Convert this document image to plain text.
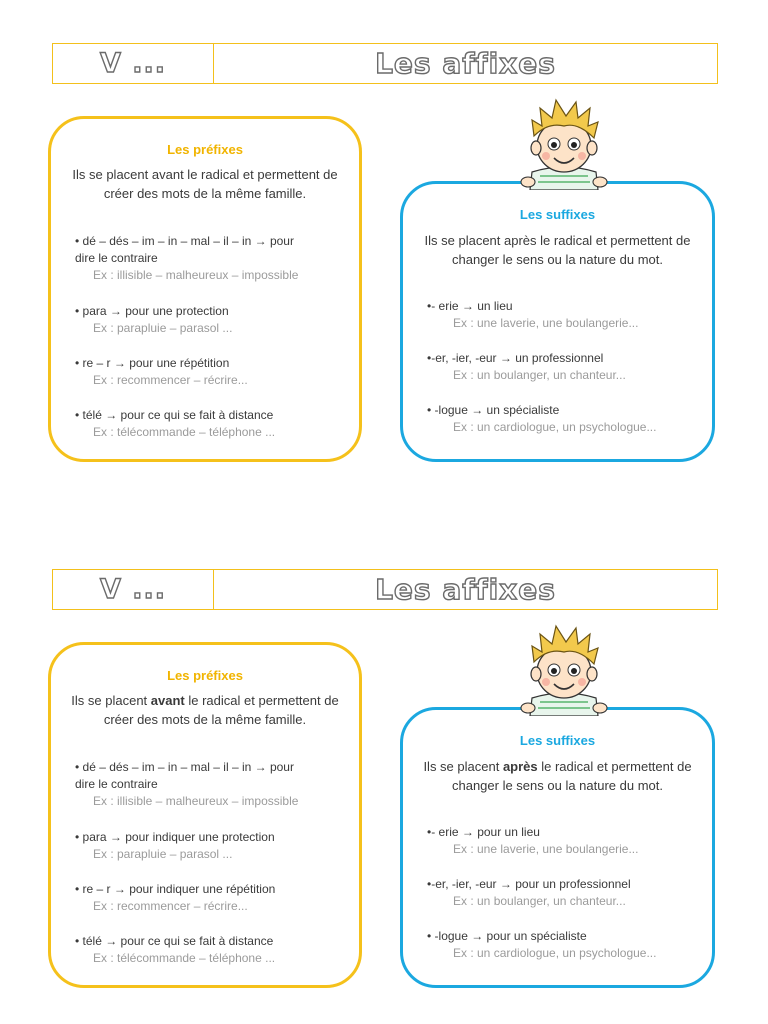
V ...	Les affixes
Les préfixes

Ils se placent avant le radical et permettent de créer des mots de la même famille.

• dé – dés – im – in – mal – il – in → pour
dire le contraire
Ex : illisible – malheureux – impossible
• para → pour une protection
Ex : parapluie – parasol ...
• re – r → pour une répétition
Ex : recommencer – récrire...
• télé → pour ce qui se fait à distance
Ex : télécommande – téléphone ...
Les suffixes

Ils se placent après le radical et permettent de changer le sens ou la nature du mot.

•- erie → un lieu
Ex : une laverie, une boulangerie...
•-er, -ier, -eur → un professionnel
Ex : un boulanger, un chanteur...
• -logue → un spécialiste
Ex : un cardiologue, un psychologue...
V ...	Les affixes
Les préfixes

Ils se placent avant le radical et permettent de créer des mots de la même famille.

• dé – dés – im – in – mal – il – in → pour
dire le contraire
Ex : illisible – malheureux – impossible
• para → pour indiquer une protection
Ex : parapluie – parasol ...
• re – r → pour indiquer une répétition
Ex : recommencer – récrire...
• télé → pour ce qui se fait à distance
Ex : télécommande – téléphone ...
Les suffixes

Ils se placent après le radical et permettent de changer le sens ou la nature du mot.

•- erie → pour un lieu
Ex : une laverie, une boulangerie...
•-er, -ier, -eur → pour un professionnel
Ex : un boulanger, un chanteur...
• -logue → pour un spécialiste
Ex : un cardiologue, un psychologue...
